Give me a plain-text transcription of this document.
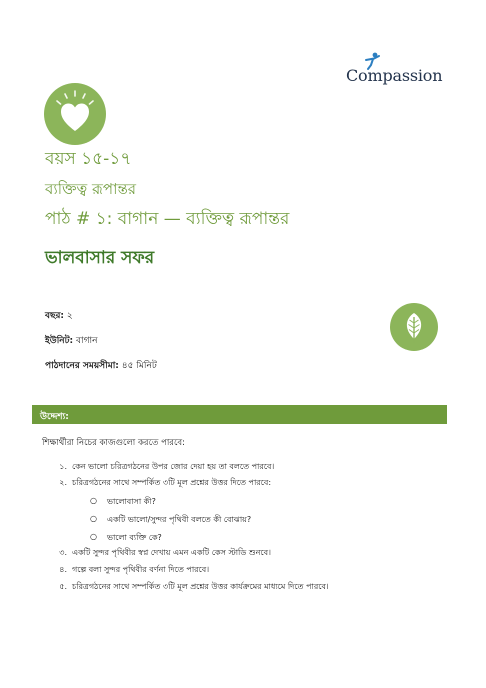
Compassion
বয়স ১৫-১৭
ব্যক্তিত্ব রূপান্তর
পাঠ # ১: বাগান — ব্যক্তিত্ব রূপান্তর
ভালবাসার সফর
বছর: ২
ইউনিট: বাগান
পাঠদানের সময়সীমা: ৪৫ মিনিট
উদ্দেশ্য:
শিক্ষার্থীরা নিচের কাজগুলো করতে পারবে:
১. কেন ভালো চরিত্রগঠনের উপর জোর দেয়া হয় তা বলতে পারবে।
২. চরিত্রগঠনের সাথে সম্পর্কিত ৩টি মূল প্রশ্নের উত্তর দিতে পারবে:
○ ভালোবাসা কী?
○ একটি ভালো/সুন্দর পৃথিবী বলতে কী বোঝায়?
○ ভালো ব্যক্তি কে?
৩. একটি সুন্দর পৃথিবীর স্বপ্ন দেখায় এমন একটি কেস স্টাডি শুনবে।
৪. গল্পে বলা সুন্দর পৃথিবীর বর্ণনা দিতে পারবে।
৫. চরিত্রগঠনের সাথে সম্পর্কিত ৩টি মূল প্রশ্নের উত্তর কার্যক্রমের মাধ্যমে দিতে পারবে।
